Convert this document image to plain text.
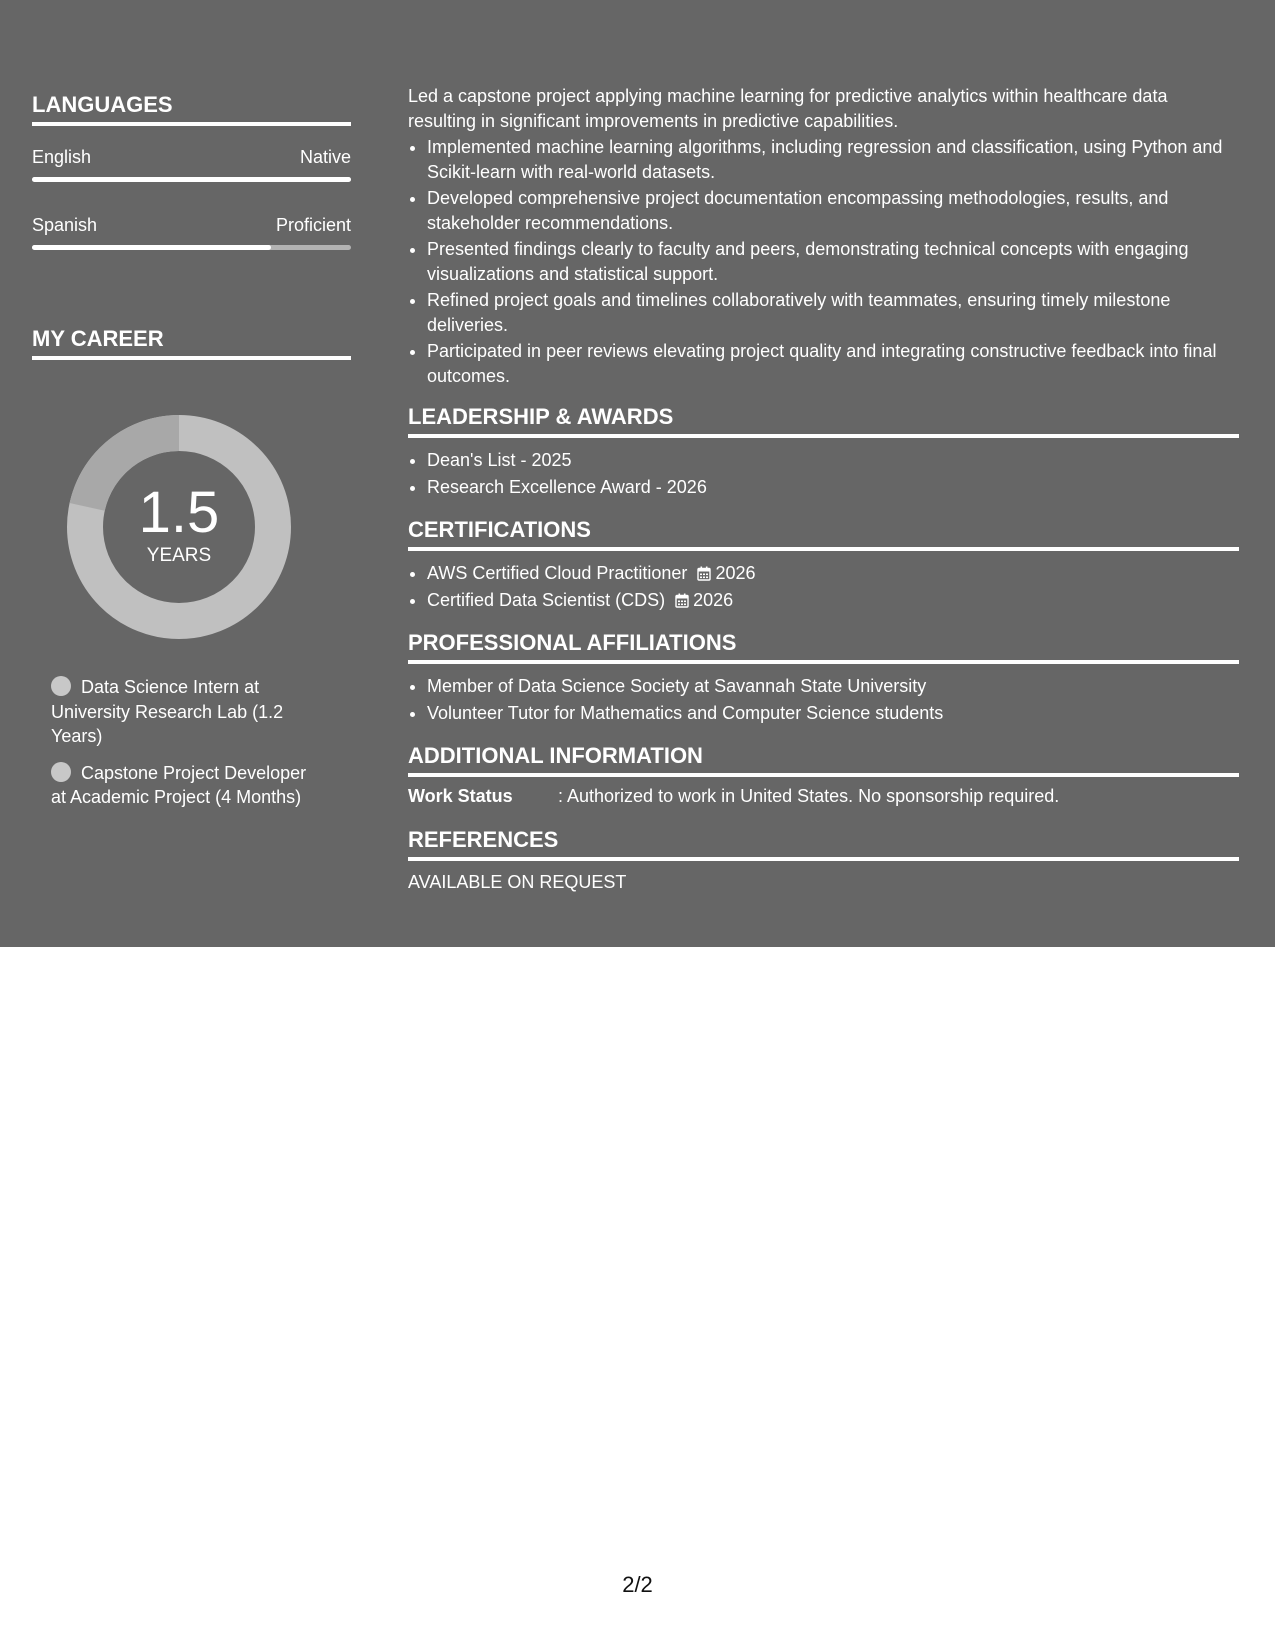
LANGUAGES
English	Native
Spanish	Proficient
MY CAREER
1.5
YEARS
Data Science Intern at University Research Lab (1.2 Years)
Capstone Project Developer at Academic Project (4 Months)

Led a capstone project applying machine learning for predictive analytics within healthcare data resulting in significant improvements in predictive capabilities.

• Implemented machine learning algorithms, including regression and classification, using Python and Scikit-learn with real-world datasets.
• Developed comprehensive project documentation encompassing methodologies, results, and stakeholder recommendations.
• Presented findings clearly to faculty and peers, demonstrating technical concepts with engaging visualizations and statistical support.
• Refined project goals and timelines collaboratively with teammates, ensuring timely milestone deliveries.
• Participated in peer reviews elevating project quality and integrating constructive feedback into final outcomes.
LEADERSHIP & AWARDS
• Dean's List - 2025
• Research Excellence Award - 2026
CERTIFICATIONS
• AWS Certified Cloud Practitioner 2026
• Certified Data Scientist (CDS) 2026
PROFESSIONAL AFFILIATIONS
• Member of Data Science Society at Savannah State University
• Volunteer Tutor for Mathematics and Computer Science students
ADDITIONAL INFORMATION
Work Status	: Authorized to work in United States. No sponsorship required.
REFERENCES
AVAILABLE ON REQUEST
2/2
